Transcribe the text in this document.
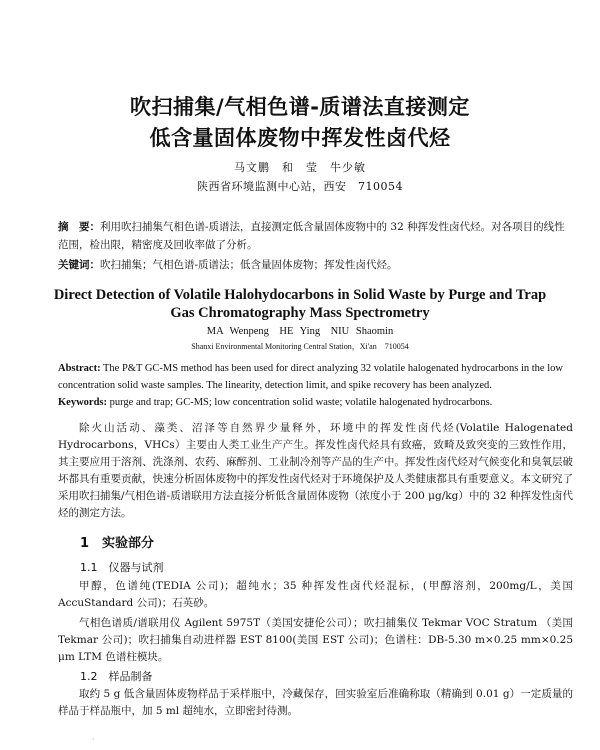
吹扫捕集/气相色谱-质谱法直接测定
低含量固体废物中挥发性卤代烃
马文鹏　和　莹　牛少敏
陕西省环境监测中心站，西安　710054
摘　要：利用吹扫捕集气相色谱-质谱法，直接测定低含量固体废物中的 32 种挥发性卤代烃。对各项目的线性范围，检出限，精密度及回收率做了分析。
关键词：吹扫捕集；气相色谱-质谱法；低含量固体废物；挥发性卤代烃。
Direct Detection of Volatile Halohydocarbons in Solid Waste by Purge and Trap Gas Chromatography Mass Spectrometry
MA Wenpeng　HE Ying　NIU Shaomin
Shanxi Environmental Monitoring Central Station，Xi'an　710054
Abstract: The P&T GC-MS method has been used for direct analyzing 32 volatile halogenated hydrocarbons in the low concentration solid waste samples. The linearity, detection limit, and spike recovery has been analyzed.
Keywords: purge and trap; GC-MS; low concentration solid waste; volatile halogenated hydrocarbons.
除火山活动、藻类、沼泽等自然界少量释外，环境中的挥发性卤代烃(Volatile Halogenated Hydrocarbons，VHCs）主要由人类工业生产产生。挥发性卤代烃具有致癌，致畸及致突变的三致性作用，其主要应用于溶剂、洗涤剂、农药、麻醉剂、工业制冷剂等产品的生产中。挥发性卤代烃对气候变化和臭氧层破坏都具有重要贡献，快速分析固体废物中的挥发性卤代烃对于环境保护及人类健康都具有重要意义。本文研究了采用吹扫捕集/气相色谱-质谱联用方法直接分析低含量固体废物（浓度小于 200 μg/kg）中的 32 种挥发性卤代烃的测定方法。
1　实验部分
1.1　仪器与试剂
甲醇，色谱纯(TEDIA 公司)；超纯水；35 种挥发性卤代烃混标，(甲醇溶剂，200mg/L，美国 AccuStandard 公司)；石英砂。
气相色谱质/谱联用仪 Agilent 5975T（美国安捷伦公司）；吹扫捕集仪 Tekmar VOC Stratum （美国 Tekmar 公司)；吹扫捕集自动进样器 EST 8100(美国 EST 公司)；色谱柱：DB-5.30 m×0.25 mm×0.25 μm LTM 色谱柱模块。
1.2　样品制备
取约 5 g 低含量固体废物样品于采样瓶中，冷藏保存，回实验室后准确称取（精确到 0.01 g）一定质量的样品于样品瓶中，加 5 ml 超纯水，立即密封待测。
·
